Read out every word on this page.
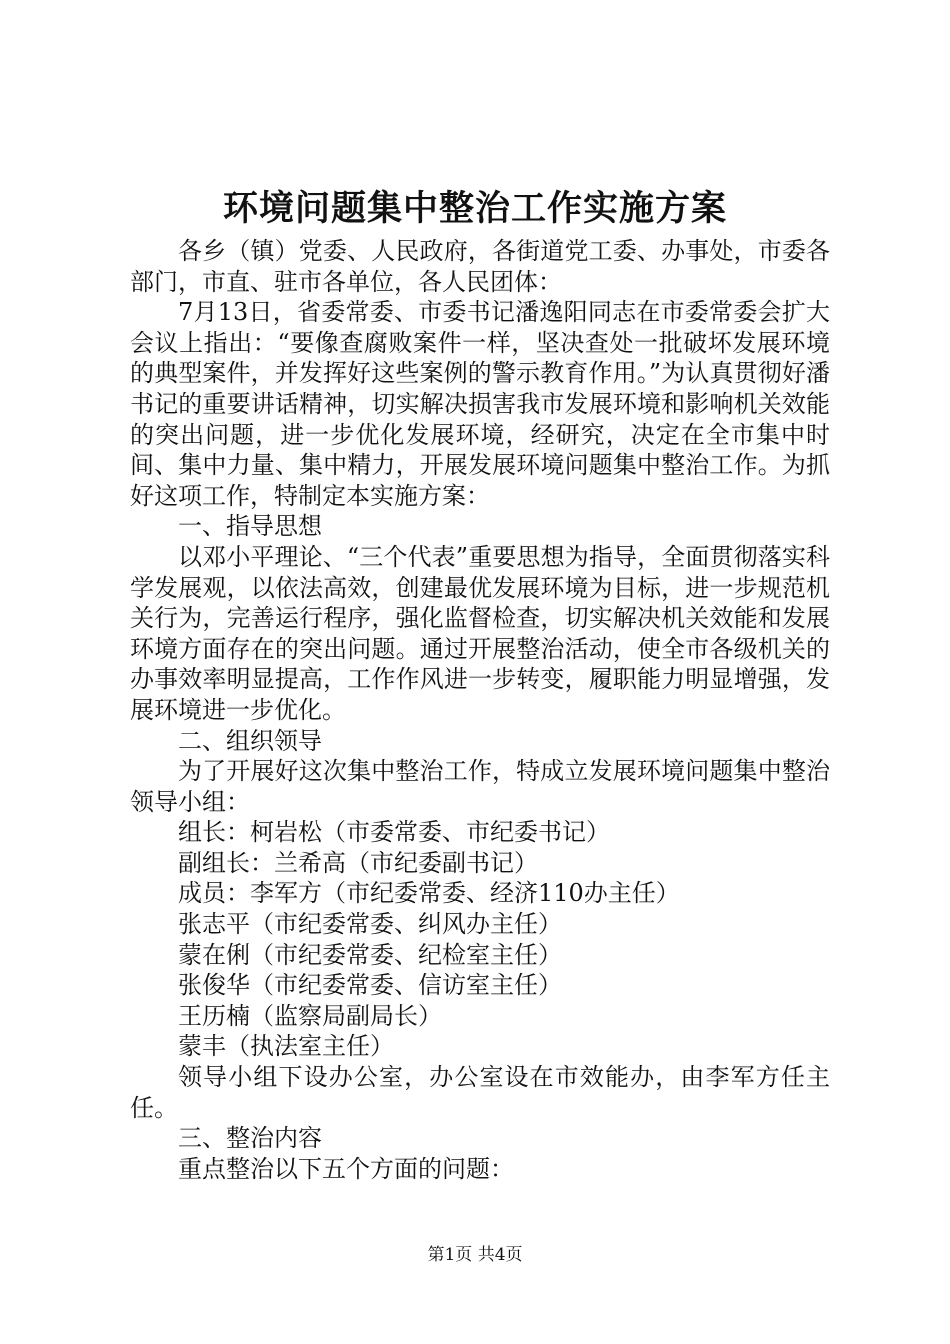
环境问题集中整治工作实施方案

各乡（镇）党委、人民政府，各街道党工委、办事处，市委各部门，市直、驻市各单位，各人民团体：

7月13日，省委常委、市委书记潘逸阳同志在市委常委会扩大会议上指出：“要像查腐败案件一样，坚决查处一批破坏发展环境的典型案件，并发挥好这些案例的警示教育作用。”为认真贯彻好潘书记的重要讲话精神，切实解决损害我市发展环境和影响机关效能的突出问题，进一步优化发展环境，经研究，决定在全市集中时间、集中力量、集中精力，开展发展环境问题集中整治工作。为抓好这项工作，特制定本实施方案：

一、指导思想

以邓小平理论、“三个代表”重要思想为指导，全面贯彻落实科学发展观，以依法高效，创建最优发展环境为目标，进一步规范机关行为，完善运行程序，强化监督检查，切实解决机关效能和发展环境方面存在的突出问题。通过开展整治活动，使全市各级机关的办事效率明显提高，工作作风进一步转变，履职能力明显增强，发展环境进一步优化。

二、组织领导

为了开展好这次集中整治工作，特成立发展环境问题集中整治领导小组：

组长：柯岩松（市委常委、市纪委书记）

副组长：兰希高（市纪委副书记）

成员：李军方（市纪委常委、经济110办主任）

张志平（市纪委常委、纠风办主任）

蒙在俐（市纪委常委、纪检室主任）

张俊华（市纪委常委、信访室主任）

王历楠（监察局副局长）

蒙丰（执法室主任）

领导小组下设办公室，办公室设在市效能办，由李军方任主任。

三、整治内容

重点整治以下五个方面的问题：

第1页 共4页
